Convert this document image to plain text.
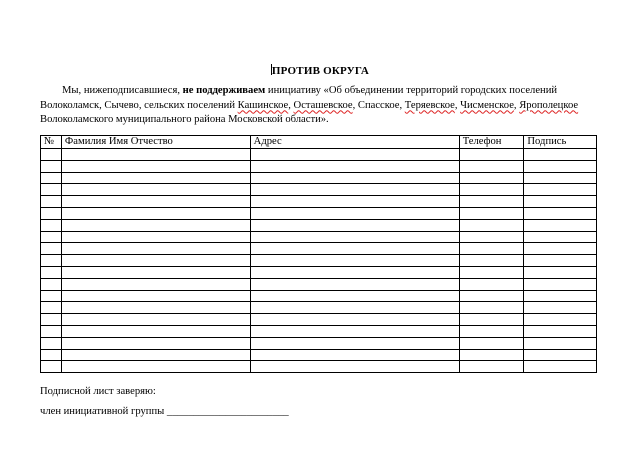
ПРОТИВ ОКРУГА
Мы, нижеподписавшиеся, не поддерживаем инициативу «Об объединении территорий городских поселений
Волоколамск, Сычево, сельских поселений Кашинское, Осташевское, Спасское, Теряевское, Чисменское, Ярополецкое
Волоколамского муниципального района Московской области».
№	Фамилия Имя Отчество	Адрес	Телефон	Подпись

Подписной лист заверяю:
член инициативной группы _______________________
